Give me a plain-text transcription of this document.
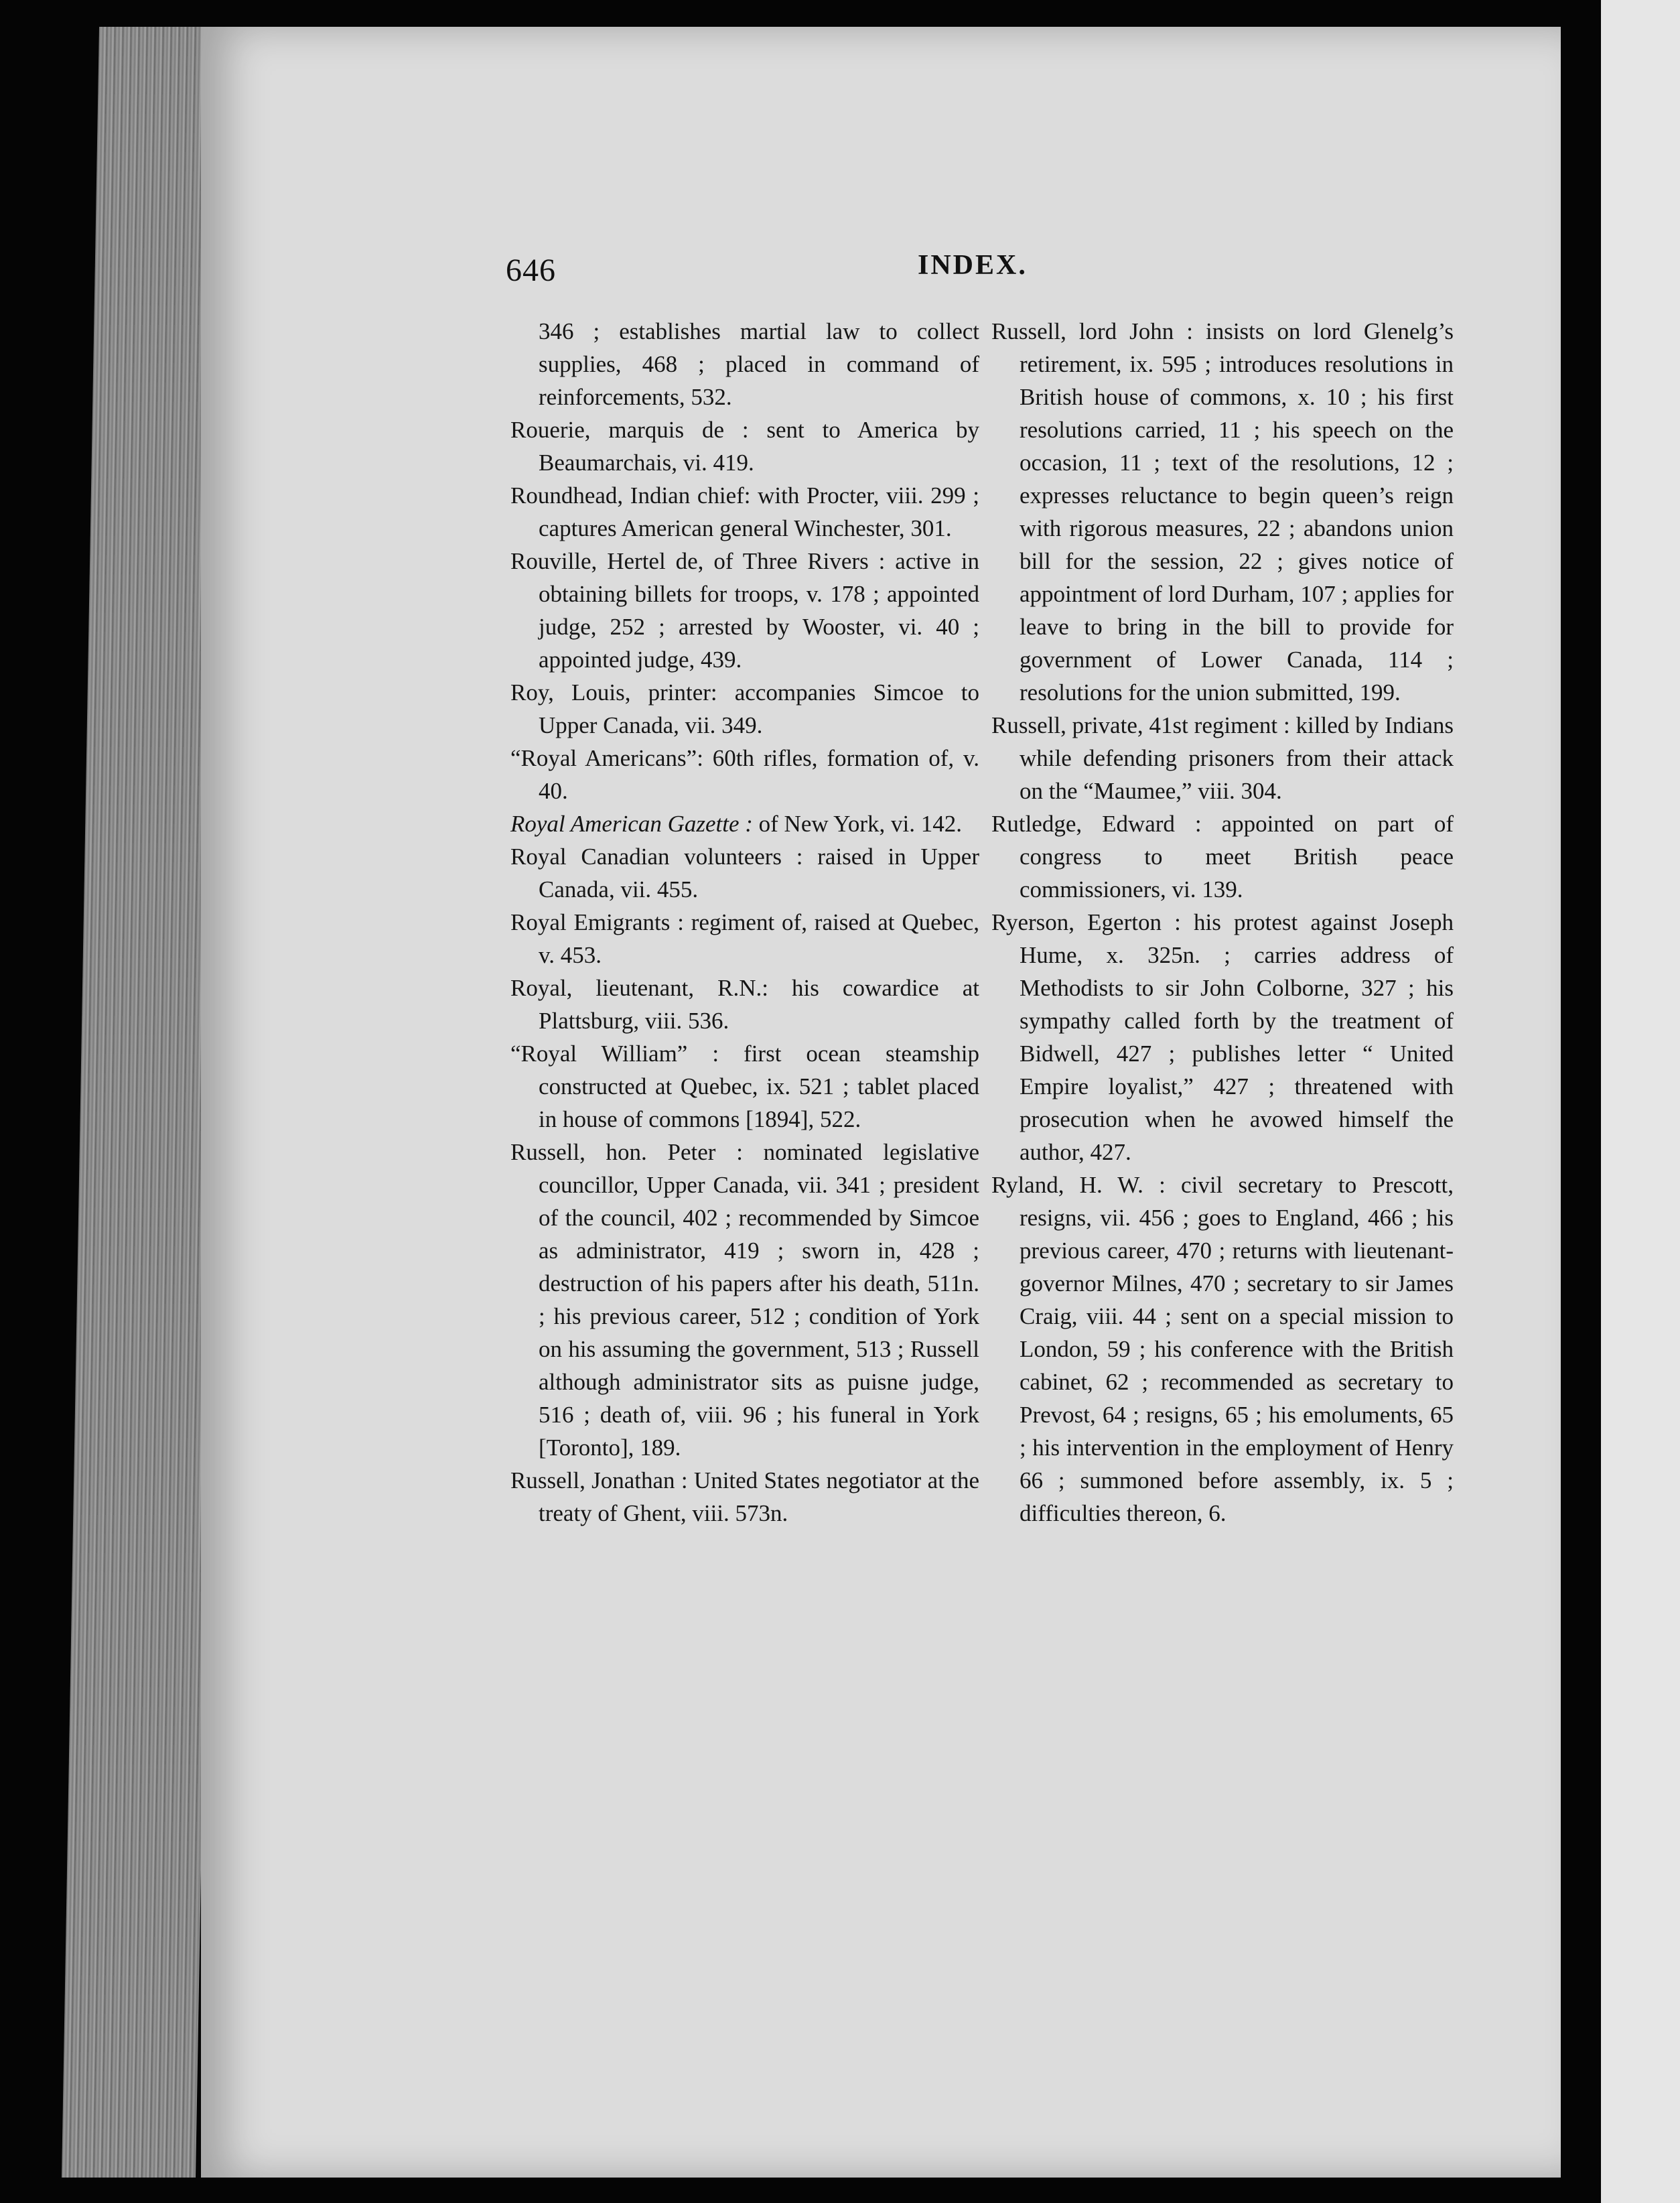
646	INDEX.

346 ; establishes martial law to collect supplies, 468 ; placed in command of reinforcements, 532.

Rouerie, marquis de : sent to America by Beaumarchais, vi. 419.

Roundhead, Indian chief: with Procter, viii. 299 ; captures American general Winchester, 301.

Rouville, Hertel de, of Three Rivers : active in obtaining billets for troops, v. 178 ; appointed judge, 252 ; arrested by Wooster, vi. 40 ; appointed judge, 439.

Roy, Louis, printer: accompanies Simcoe to Upper Canada, vii. 349.

“Royal Americans”: 60th rifles, formation of, v. 40.

Royal American Gazette : of New York, vi. 142.

Royal Canadian volunteers : raised in Upper Canada, vii. 455.

Royal Emigrants : regiment of, raised at Quebec, v. 453.

Royal, lieutenant, R.N.: his cowardice at Plattsburg, viii. 536.

“Royal William” : first ocean steamship constructed at Quebec, ix. 521 ; tablet placed in house of commons [1894], 522.

Russell, hon. Peter : nominated legislative councillor, Upper Canada, vii. 341 ; president of the council, 402 ; recommended by Simcoe as administrator, 419 ; sworn in, 428 ; destruction of his papers after his death, 511n. ; his previous career, 512 ; condition of York on his assuming the government, 513 ; Russell although administrator sits as puisne judge, 516 ; death of, viii. 96 ; his funeral in York [Toronto], 189.

Russell, Jonathan : United States negotiator at the treaty of Ghent, viii. 573n.

Russell, lord John : insists on lord Glenelg’s retirement, ix. 595 ; introduces resolutions in British house of commons, x. 10 ; his first resolutions carried, 11 ; his speech on the occasion, 11 ; text of the resolutions, 12 ; expresses reluctance to begin queen’s reign with rigorous measures, 22 ; abandons union bill for the session, 22 ; gives notice of appointment of lord Durham, 107 ; applies for leave to bring in the bill to provide for government of Lower Canada, 114 ; resolutions for the union submitted, 199.

Russell, private, 41st regiment : killed by Indians while defending prisoners from their attack on the “Maumee,” viii. 304.

Rutledge, Edward : appointed on part of congress to meet British peace commissioners, vi. 139.

Ryerson, Egerton : his protest against Joseph Hume, x. 325n. ; carries address of Methodists to sir John Colborne, 327 ; his sympathy called forth by the treatment of Bidwell, 427 ; publishes letter “ United Empire loyalist,” 427 ; threatened with prosecution when he avowed himself the author, 427.

Ryland, H. W. : civil secretary to Prescott, resigns, vii. 456 ; goes to England, 466 ; his previous career, 470 ; returns with lieutenant-governor Milnes, 470 ; secretary to sir James Craig, viii. 44 ; sent on a special mission to London, 59 ; his conference with the British cabinet, 62 ; recommended as secretary to Prevost, 64 ; resigns, 65 ; his emoluments, 65 ; his intervention in the employment of Henry 66 ; summoned before assembly, ix. 5 ; difficulties thereon, 6.
